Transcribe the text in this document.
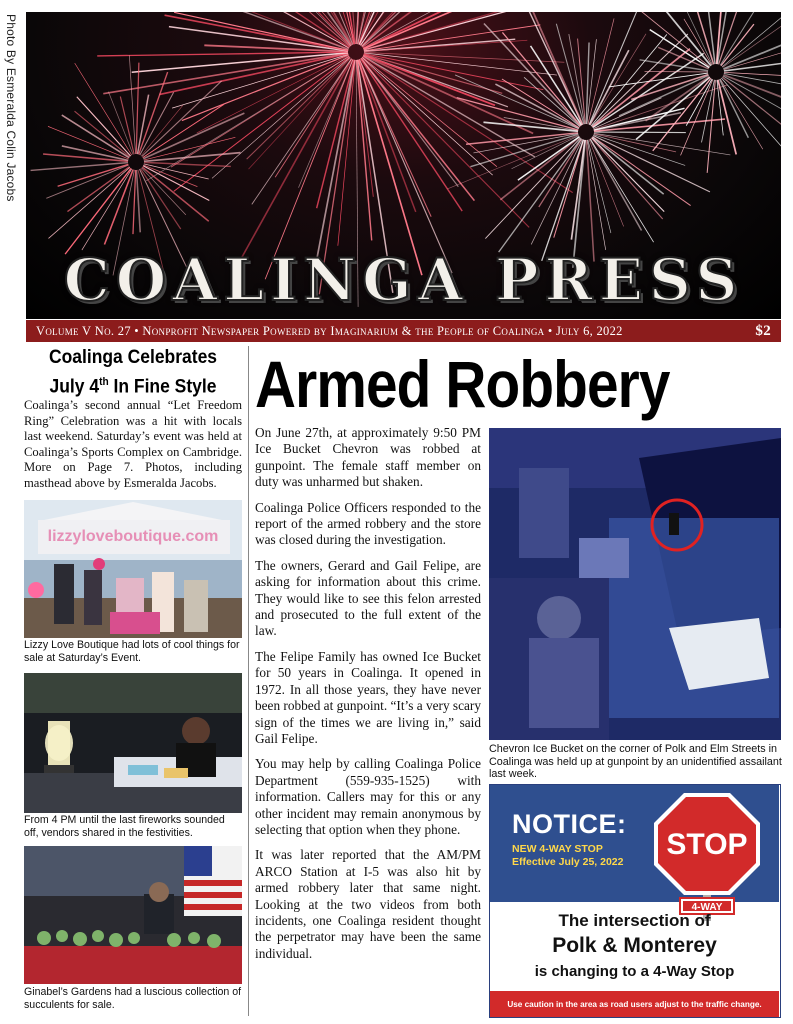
Photo By Esmeralda Colin Jacobs
COALINGA PRESS
Volume V
No. 27 • Nonprofit Newspaper Powered by Imaginarium & the People of Coalinga • July 6, 2022	$2
Coalinga Celebrates
July 4th In Fine Style
Coalinga’s second annual “Let Freedom Ring” Celebration was a hit with locals last weekend. Saturday’s event was held at Coalinga’s Sports Complex on Cambridge. More on Page 7. Photos, including masthead above by Esmeralda Jacobs.
lizzyloveboutique.com
Lizzy Love Boutique had lots of cool things for sale at Saturday’s Event.
From 4 PM until the last fireworks sounded off, vendors shared in the festivities.
Ginabel’s Gardens had a luscious collection of succulents for sale.
Armed Robbery

On June 27th, at approximately 9:50 PM Ice Bucket Chevron was robbed at gunpoint. The female staff member on duty was unharmed but shaken.

Coalinga Police Officers responded to the report of the armed robbery and the store was closed during the investigation.

The owners, Gerard and Gail Felipe, are asking for information about this crime. They would like to see this felon arrested and prosecuted to the full extent of the law.

The Felipe Family has owned Ice Bucket for 50 years in Coalinga. It opened in 1972. In all those years, they have never been robbed at gunpoint. “It’s a very scary sign of the times we are living in,” said Gail Felipe.

You may help by calling Coalinga Police Department (559-935-1525) with information. Callers may for this or any other incident may remain anonymous by selecting that option when they phone.

It was later reported that the AM/PM ARCO Station at I-5 was also hit by armed robbery later that same night. Looking at the two videos from both incidents, one Coalinga resident thought the perpetrator may have been the same individual.

Chevron Ice Bucket on the corner of Polk and Elm Streets in Coalinga was held up at gunpoint by an unidentified assailant last week.
NOTICE:
NEW 4-WAY STOP
Effective July 25, 2022
STOP
4-WAY
The intersection of
Polk & Monterey
is changing to a 4-Way Stop
Use caution in the area as road users adjust to the traffic change.
